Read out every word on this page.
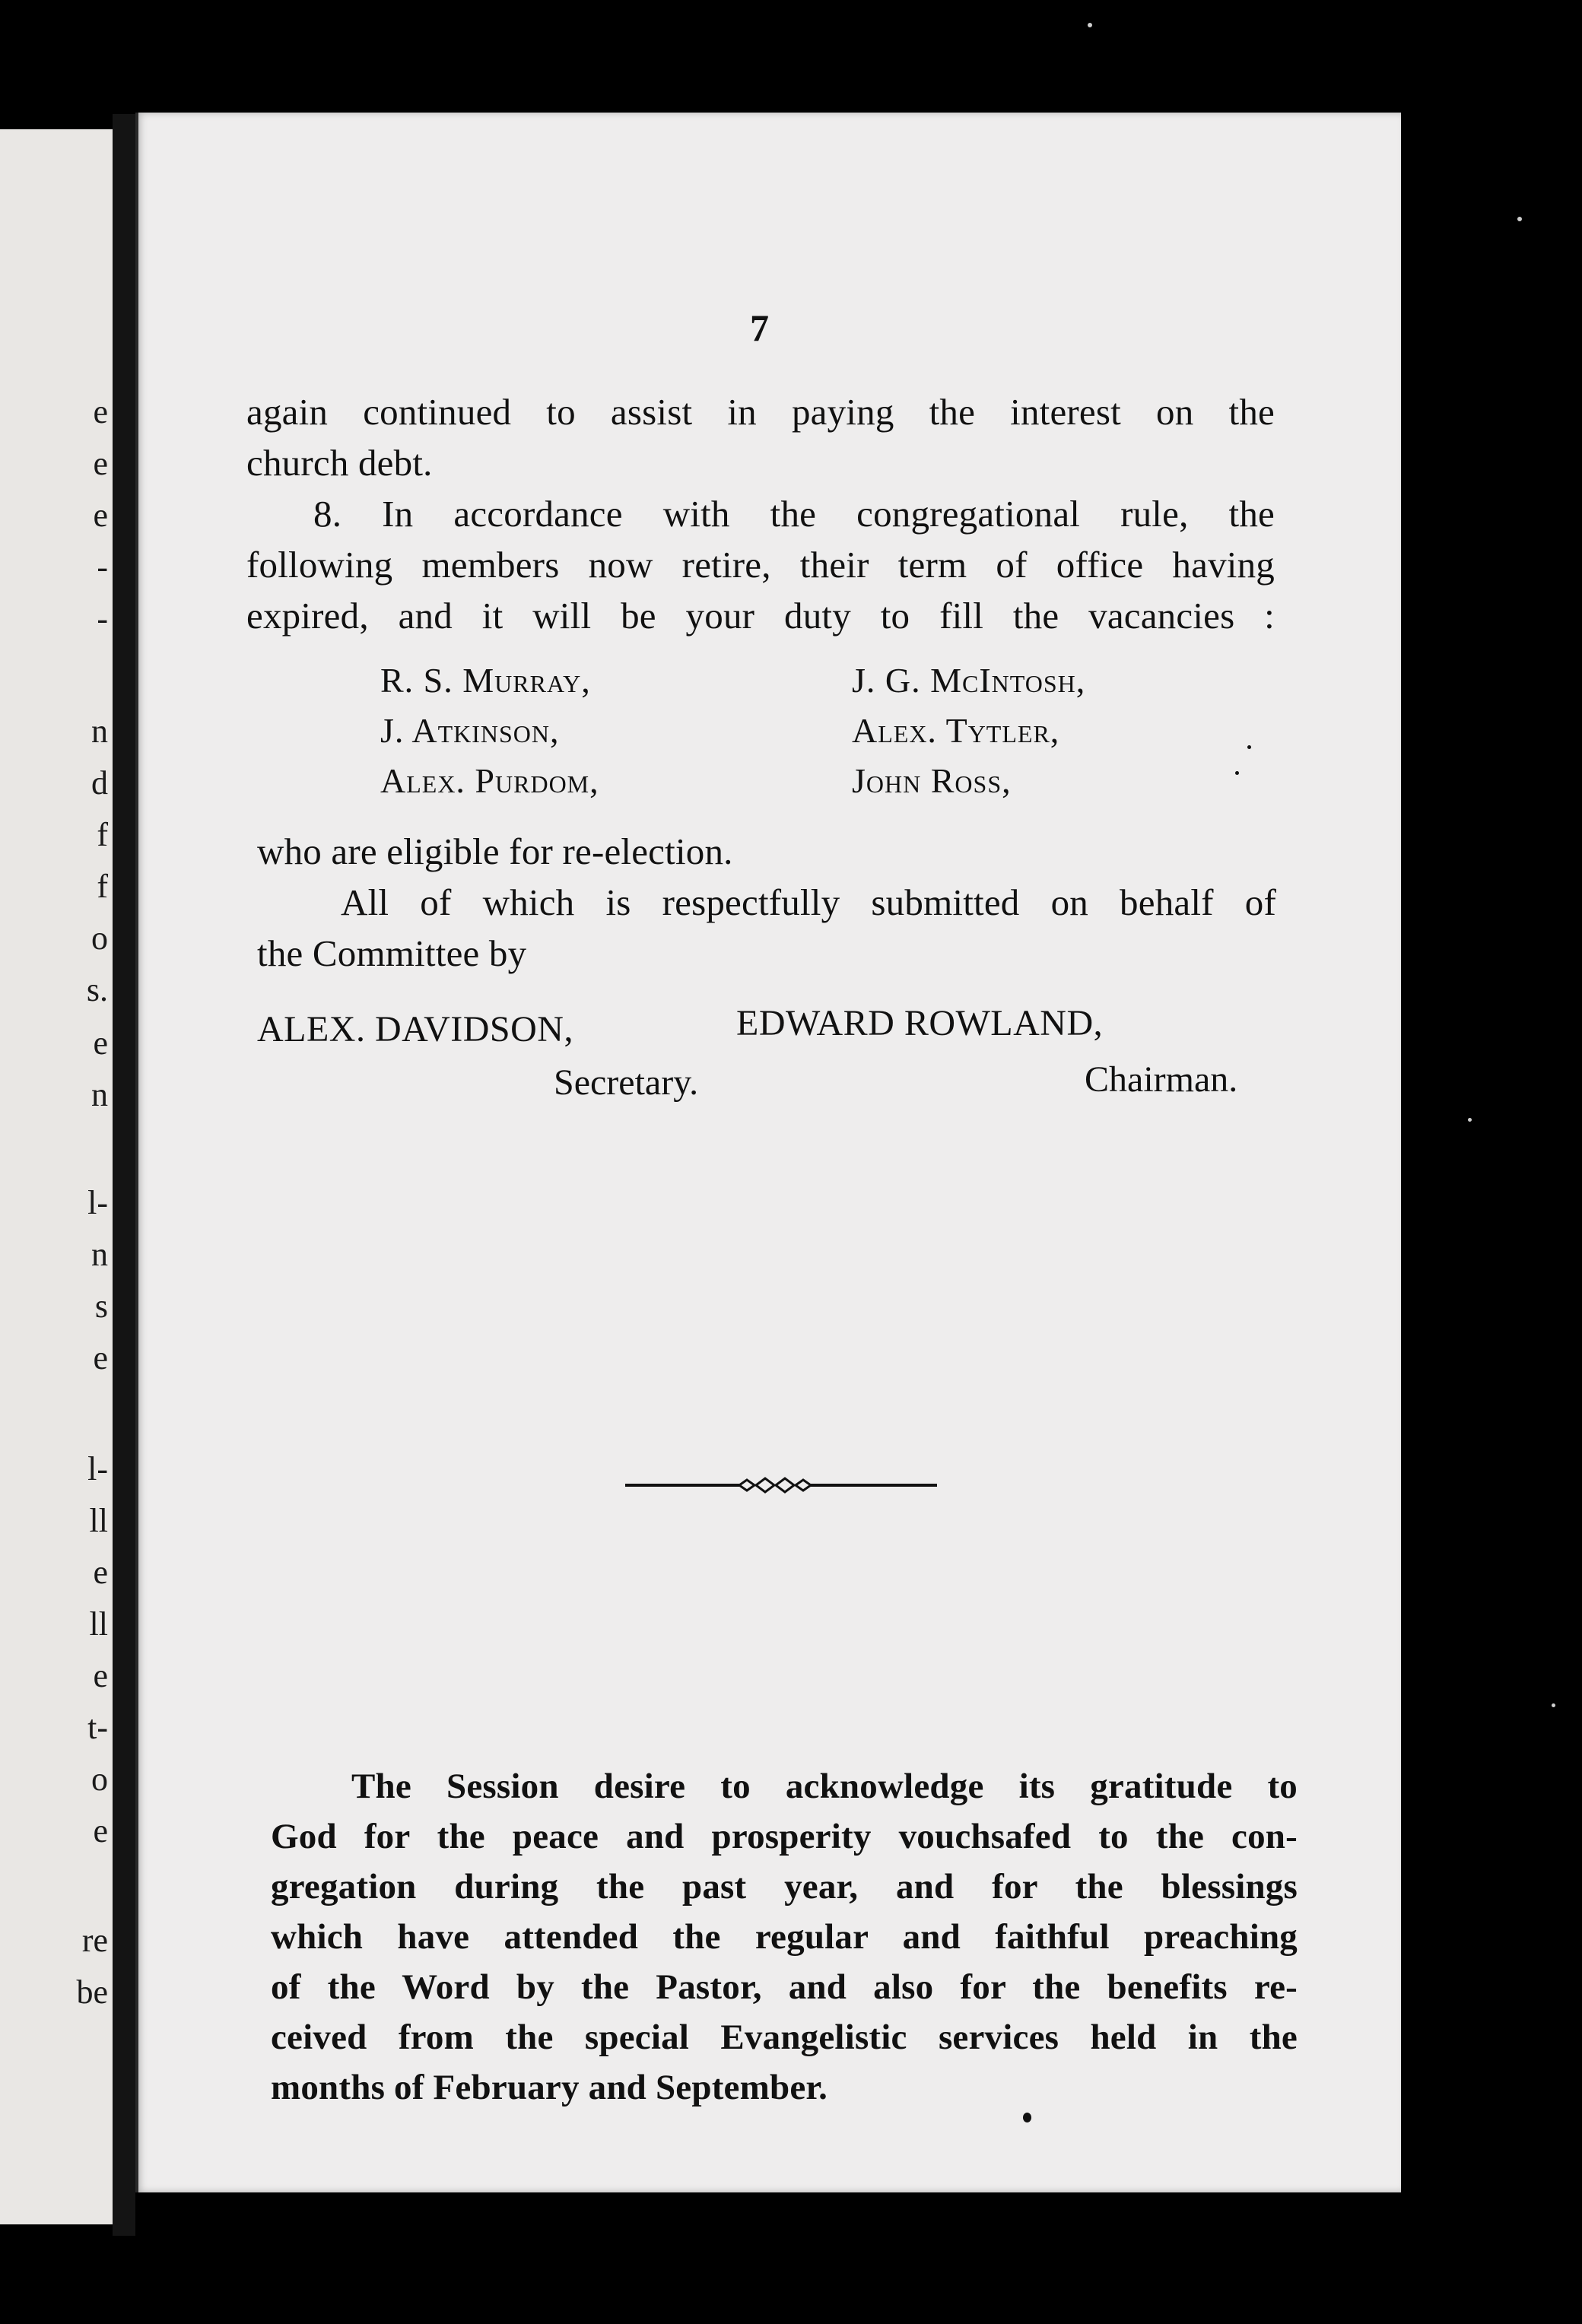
e
e
e
-
-
n
d
f
f
o
s.
e
n
l-
n
s
e
l-
ll
e
ll
e
t-
o
e
re
be
7
again continued to assist in paying the interest on the
church debt.
8. In accordance with the congregational rule, the
following members now retire, their term of office having
expired, and it will be your duty to fill the vacancies :
R. S. Murray,	J. G. McIntosh,
J. Atkinson,	Alex. Tytler,
Alex. Purdom,	John Ross,
who are eligible for re-election.
All of which is respectfully submitted on behalf of
the Committee by
ALEX. DAVIDSON,
Secretary.
EDWARD ROWLAND,
Chairman.
The Session desire to acknowledge its gratitude to
God for the peace and prosperity vouchsafed to the con-
gregation during the past year, and for the blessings
which have attended the regular and faithful preaching
of the Word by the Pastor, and also for the benefits re-
ceived from the special Evangelistic services held in the
months of February and September.
